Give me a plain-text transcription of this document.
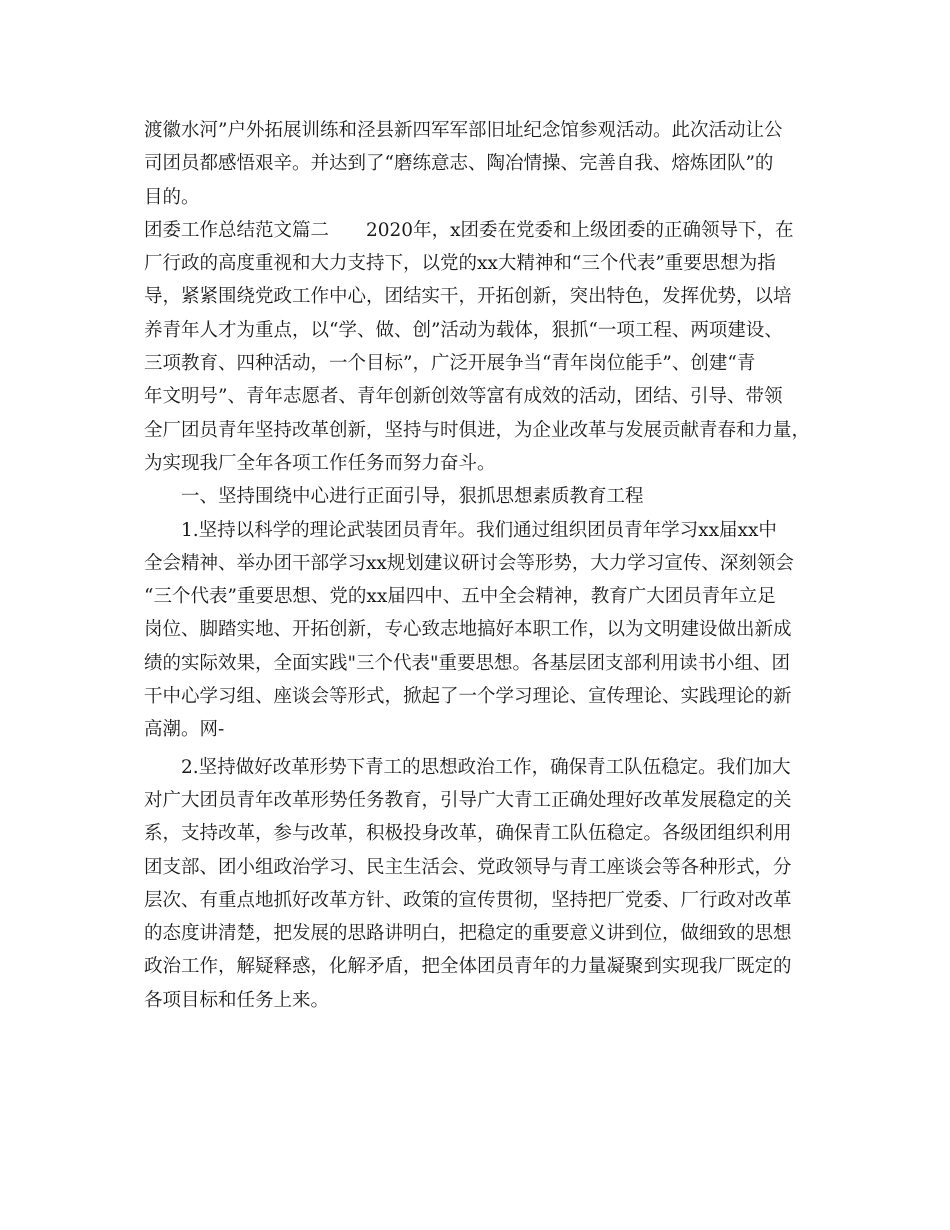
渡徽水河”户外拓展训练和泾县新四军军部旧址纪念馆参观活动。此次活动让公
司团员都感悟艰辛。并达到了“磨练意志、陶冶情操、完善自我、熔炼团队”的
目的。
团委工作总结范文篇二　　2020年，x团委在党委和上级团委的正确领导下，在
厂行政的高度重视和大力支持下，以党的xx大精神和“三个代表”重要思想为指
导，紧紧围绕党政工作中心，团结实干，开拓创新，突出特色，发挥优势，以培
养青年人才为重点，以“学、做、创”活动为载体，狠抓“一项工程、两项建设、
三项教育、四种活动，一个目标”，广泛开展争当“青年岗位能手”、创建“青
年文明号”、青年志愿者、青年创新创效等富有成效的活动，团结、引导、带领
全厂团员青年坚持改革创新，坚持与时俱进，为企业改革与发展贡献青春和力量，
为实现我厂全年各项工作任务而努力奋斗。
一、坚持围绕中心进行正面引导，狠抓思想素质教育工程
1.坚持以科学的理论武装团员青年。我们通过组织团员青年学习xx届xx中
全会精神、举办团干部学习xx规划建议研讨会等形势，大力学习宣传、深刻领会
“三个代表”重要思想、党的xx届四中、五中全会精神，教育广大团员青年立足
岗位、脚踏实地、开拓创新，专心致志地搞好本职工作，以为文明建设做出新成
绩的实际效果，全面实践"三个代表"重要思想。各基层团支部利用读书小组、团
干中心学习组、座谈会等形式，掀起了一个学习理论、宣传理论、实践理论的新
高潮。网-
2.坚持做好改革形势下青工的思想政治工作，确保青工队伍稳定。我们加大
对广大团员青年改革形势任务教育，引导广大青工正确处理好改革发展稳定的关
系，支持改革，参与改革，积极投身改革，确保青工队伍稳定。各级团组织利用
团支部、团小组政治学习、民主生活会、党政领导与青工座谈会等各种形式，分
层次、有重点地抓好改革方针、政策的宣传贯彻，坚持把厂党委、厂行政对改革
的态度讲清楚，把发展的思路讲明白，把稳定的重要意义讲到位，做细致的思想
政治工作，解疑释惑，化解矛盾，把全体团员青年的力量凝聚到实现我厂既定的
各项目标和任务上来。
